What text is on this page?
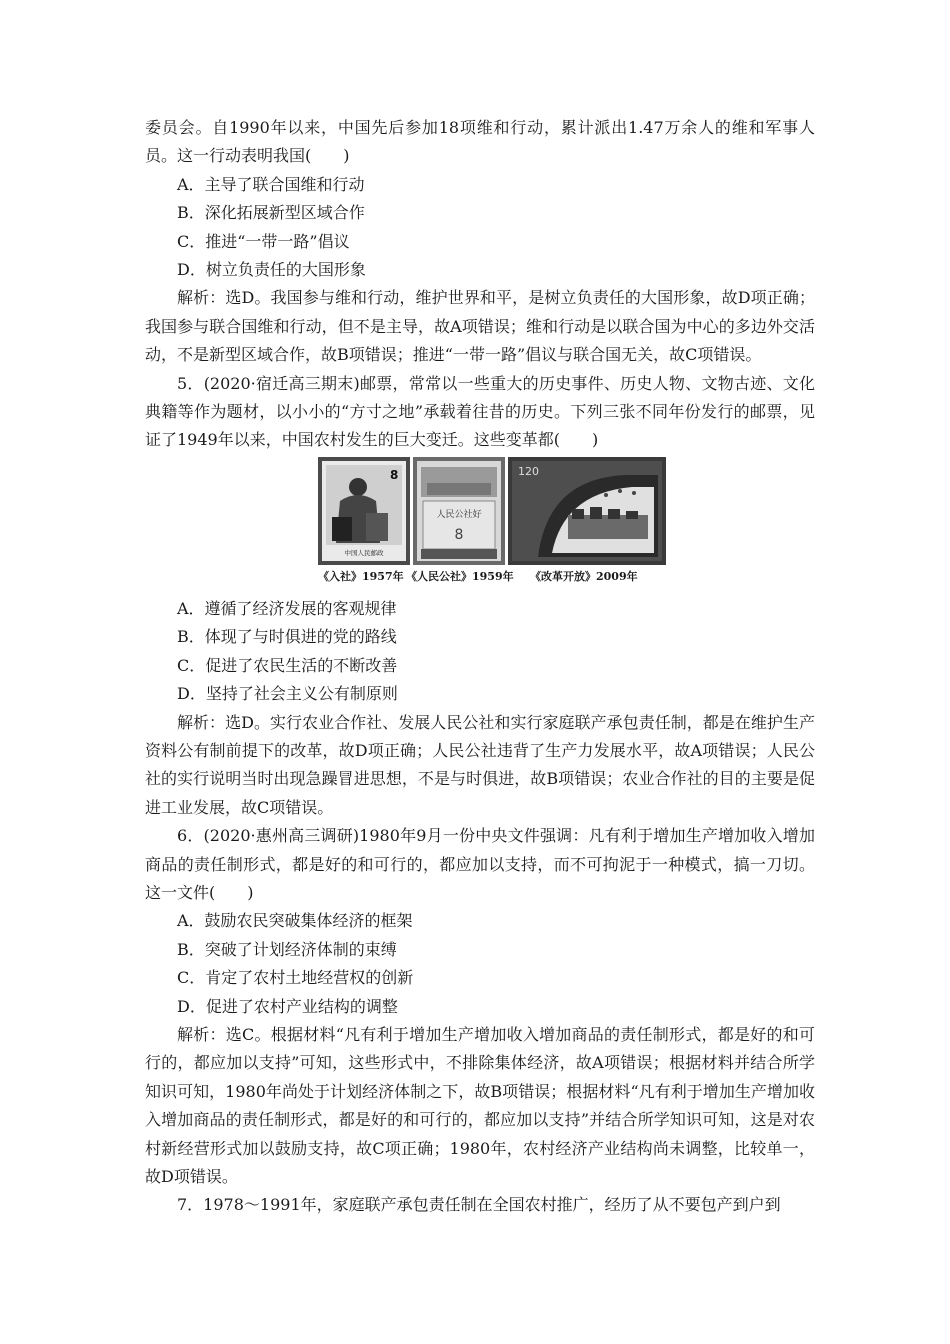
委员会。自1990年以来，中国先后参加18项维和行动，累计派出1.47万余人的维和军事人员。这一行动表明我国(　　)

A．主导了联合国维和行动

B．深化拓展新型区域合作

C．推进“一带一路”倡议

D．树立负责任的大国形象

解析：选D。我国参与维和行动，维护世界和平，是树立负责任的大国形象，故D项正确；我国参与联合国维和行动，但不是主导，故A项错误；维和行动是以联合国为中心的多边外交活动，不是新型区域合作，故B项错误；推进“一带一路”倡议与联合国无关，故C项错误。

5．(2020·宿迁高三期末)邮票，常常以一些重大的历史事件、历史人物、文物古迹、文化典籍等作为题材，以小小的“方寸之地”承载着往昔的历史。下列三张不同年份发行的邮票，见证了1949年以来，中国农村发生的巨大变迁。这些变革都(　　)

8
中国人民邮政
人民公社好
8
120
《入社》1957年 《人民公社》1959年 《改革开放》2009年

A．遵循了经济发展的客观规律

B．体现了与时俱进的党的路线

C．促进了农民生活的不断改善

D．坚持了社会主义公有制原则

解析：选D。实行农业合作社、发展人民公社和实行家庭联产承包责任制，都是在维护生产资料公有制前提下的改革，故D项正确；人民公社违背了生产力发展水平，故A项错误；人民公社的实行说明当时出现急躁冒进思想，不是与时俱进，故B项错误；农业合作社的目的主要是促进工业发展，故C项错误。

6．(2020·惠州高三调研)1980年9月一份中央文件强调：凡有利于增加生产增加收入增加商品的责任制形式，都是好的和可行的，都应加以支持，而不可拘泥于一种模式，搞一刀切。这一文件(　　)

A．鼓励农民突破集体经济的框架

B．突破了计划经济体制的束缚

C．肯定了农村土地经营权的创新

D．促进了农村产业结构的调整

解析：选C。根据材料“凡有利于增加生产增加收入增加商品的责任制形式，都是好的和可行的，都应加以支持”可知，这些形式中，不排除集体经济，故A项错误；根据材料并结合所学知识可知，1980年尚处于计划经济体制之下，故B项错误；根据材料“凡有利于增加生产增加收入增加商品的责任制形式，都是好的和可行的，都应加以支持”并结合所学知识可知，这是对农村新经营形式加以鼓励支持，故C项正确；1980年，农村经济产业结构尚未调整，比较单一，故D项错误。

7．1978～1991年，家庭联产承包责任制在全国农村推广，经历了从不要包产到户到
